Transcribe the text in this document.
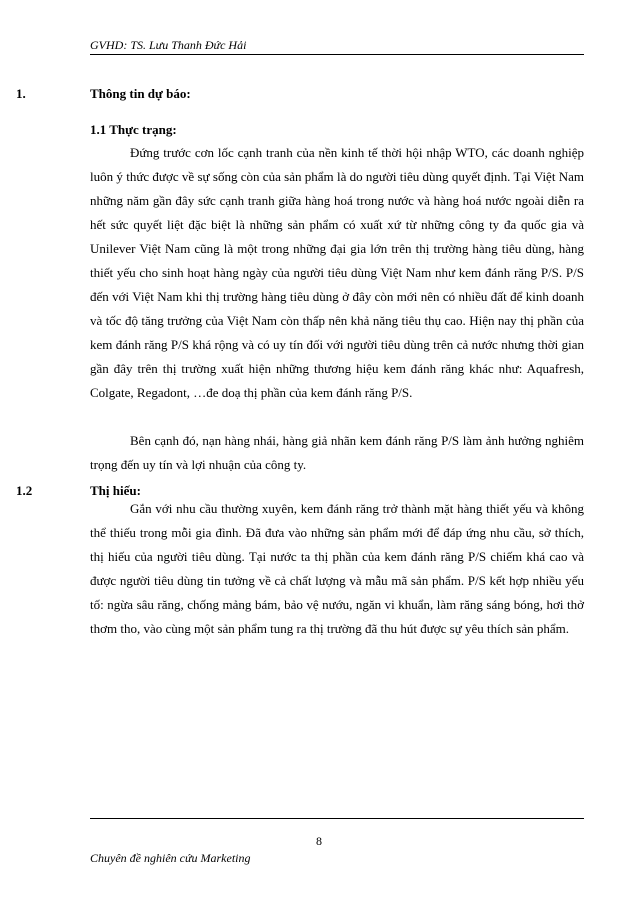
GVHD: TS. Lưu Thanh Đức Hải
1.	Thông tin dự báo:
1.1 Thực trạng:

Đứng trước cơn lốc cạnh tranh của nền kinh tế thời hội nhập WTO, các doanh nghiệp luôn ý thức được về sự sống còn của sản phẩm là do người tiêu dùng quyết định. Tại Việt Nam những năm gần đây sức cạnh tranh giữa hàng hoá trong nước và hàng hoá nước ngoài diễn ra hết sức quyết liệt đặc biệt là những sản phẩm có xuất xứ từ những công ty đa quốc gia và Unilever Việt Nam cũng là một trong những đại gia lớn trên thị trường hàng tiêu dùng, hàng thiết yếu cho sinh hoạt hàng ngày của người tiêu dùng Việt Nam như kem đánh răng P/S. P/S đến với Việt Nam khi thị trường hàng tiêu dùng ở đây còn mới nên có nhiều đất để kinh doanh và tốc độ tăng trưởng của Việt Nam còn thấp nên khả năng tiêu thụ cao. Hiện nay thị phần của kem đánh răng P/S khá rộng và có uy tín đối với người tiêu dùng trên cả nước nhưng thời gian gần đây trên thị trường xuất hiện những thương hiệu kem đánh răng khác như: Aquafresh, Colgate, Regadont, …đe doạ thị phần của kem đánh răng P/S.

Bên cạnh đó, nạn hàng nhái, hàng giả nhãn kem đánh răng P/S làm ảnh hưởng nghiêm trọng đến uy tín và lợi nhuận của công ty.

1.2	Thị hiếu:

Gắn với nhu cầu thường xuyên, kem đánh răng trở thành mặt hàng thiết yếu và không thể thiếu trong mỗi gia đình. Đã đưa vào những sản phẩm mới để đáp ứng nhu cầu, sở thích, thị hiếu của người tiêu dùng. Tại nước ta thị phần của kem đánh răng P/S chiếm khá cao và được người tiêu dùng tin tưởng về cả chất lượng và mẫu mã sản phẩm. P/S kết hợp nhiều yếu tố: ngừa sâu răng, chống mảng bám, bảo vệ nướu, ngăn vi khuẩn, làm răng sáng bóng, hơi thở thơm tho, vào cùng một sản phẩm tung ra thị trường đã thu hút được sự yêu thích sản phẩm.

8
Chuyên đề nghiên cứu Marketing
